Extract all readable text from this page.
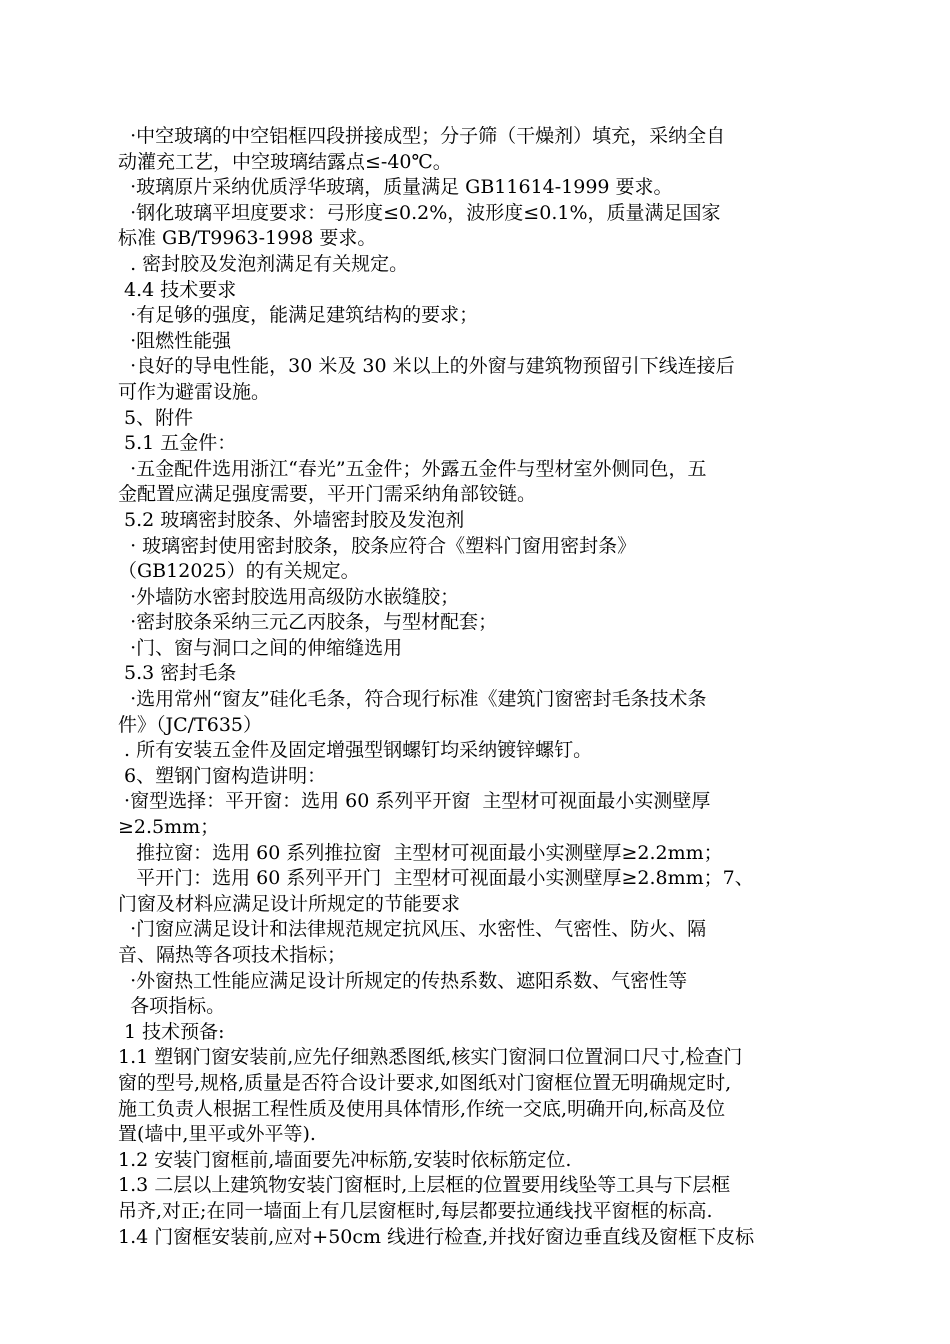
·中空玻璃的中空铝框四段拼接成型；分子筛（干燥剂）填充，采纳全自
动灌充工艺，中空玻璃结露点≤-40℃。
·玻璃原片采纳优质浮华玻璃，质量满足 GB11614-1999 要求。
·钢化玻璃平坦度要求：弓形度≤0.2%，波形度≤0.1%，质量满足国家
标准 GB/T9963-1998 要求。
. 密封胶及发泡剂满足有关规定。
4.4 技术要求
·有足够的强度，能满足建筑结构的要求；
·阻燃性能强
·良好的导电性能，30 米及 30 米以上的外窗与建筑物预留引下线连接后
可作为避雷设施。
5、附件
5.1 五金件：
·五金配件选用浙江“春光”五金件；外露五金件与型材室外侧同色，五
金配置应满足强度需要，平开门需采纳角部铰链。
5.2 玻璃密封胶条、外墙密封胶及发泡剂
· 玻璃密封使用密封胶条，胶条应符合《塑料门窗用密封条》
（GB12025）的有关规定。
·外墙防水密封胶选用高级防水嵌缝胶；
·密封胶条采纳三元乙丙胶条，与型材配套；
·门、窗与洞口之间的伸缩缝选用
5.3 密封毛条
·选用常州“窗友”硅化毛条，符合现行标准《建筑门窗密封毛条技术条
件》（JC/T635）
. 所有安装五金件及固定增强型钢螺钉均采纳镀锌螺钉。
6、塑钢门窗构造讲明：
·窗型选择：平开窗：选用 60 系列平开窗  主型材可视面最小实测壁厚
≥2.5mm；
推拉窗：选用 60 系列推拉窗  主型材可视面最小实测壁厚≥2.2mm；
平开门：选用 60 系列平开门  主型材可视面最小实测壁厚≥2.8mm；7、
门窗及材料应满足设计所规定的节能要求
·门窗应满足设计和法律规范规定抗风压、水密性、气密性、防火、隔
音、隔热等各项技术指标；
·外窗热工性能应满足设计所规定的传热系数、遮阳系数、气密性等
各项指标。
1 技术预备:
1.1 塑钢门窗安装前,应先仔细熟悉图纸,核实门窗洞口位置洞口尺寸,检查门
窗的型号,规格,质量是否符合设计要求,如图纸对门窗框位置无明确规定时,
施工负责人根据工程性质及使用具体情形,作统一交底,明确开向,标高及位
置(墙中,里平或外平等).
1.2 安装门窗框前,墙面要先冲标筋,安装时依标筋定位.
1.3 二层以上建筑物安装门窗框时,上层框的位置要用线坠等工具与下层框
吊齐,对正;在同一墙面上有几层窗框时,每层都要拉通线找平窗框的标高.
1.4 门窗框安装前,应对+50cm 线进行检查,并找好窗边垂直线及窗框下皮标
